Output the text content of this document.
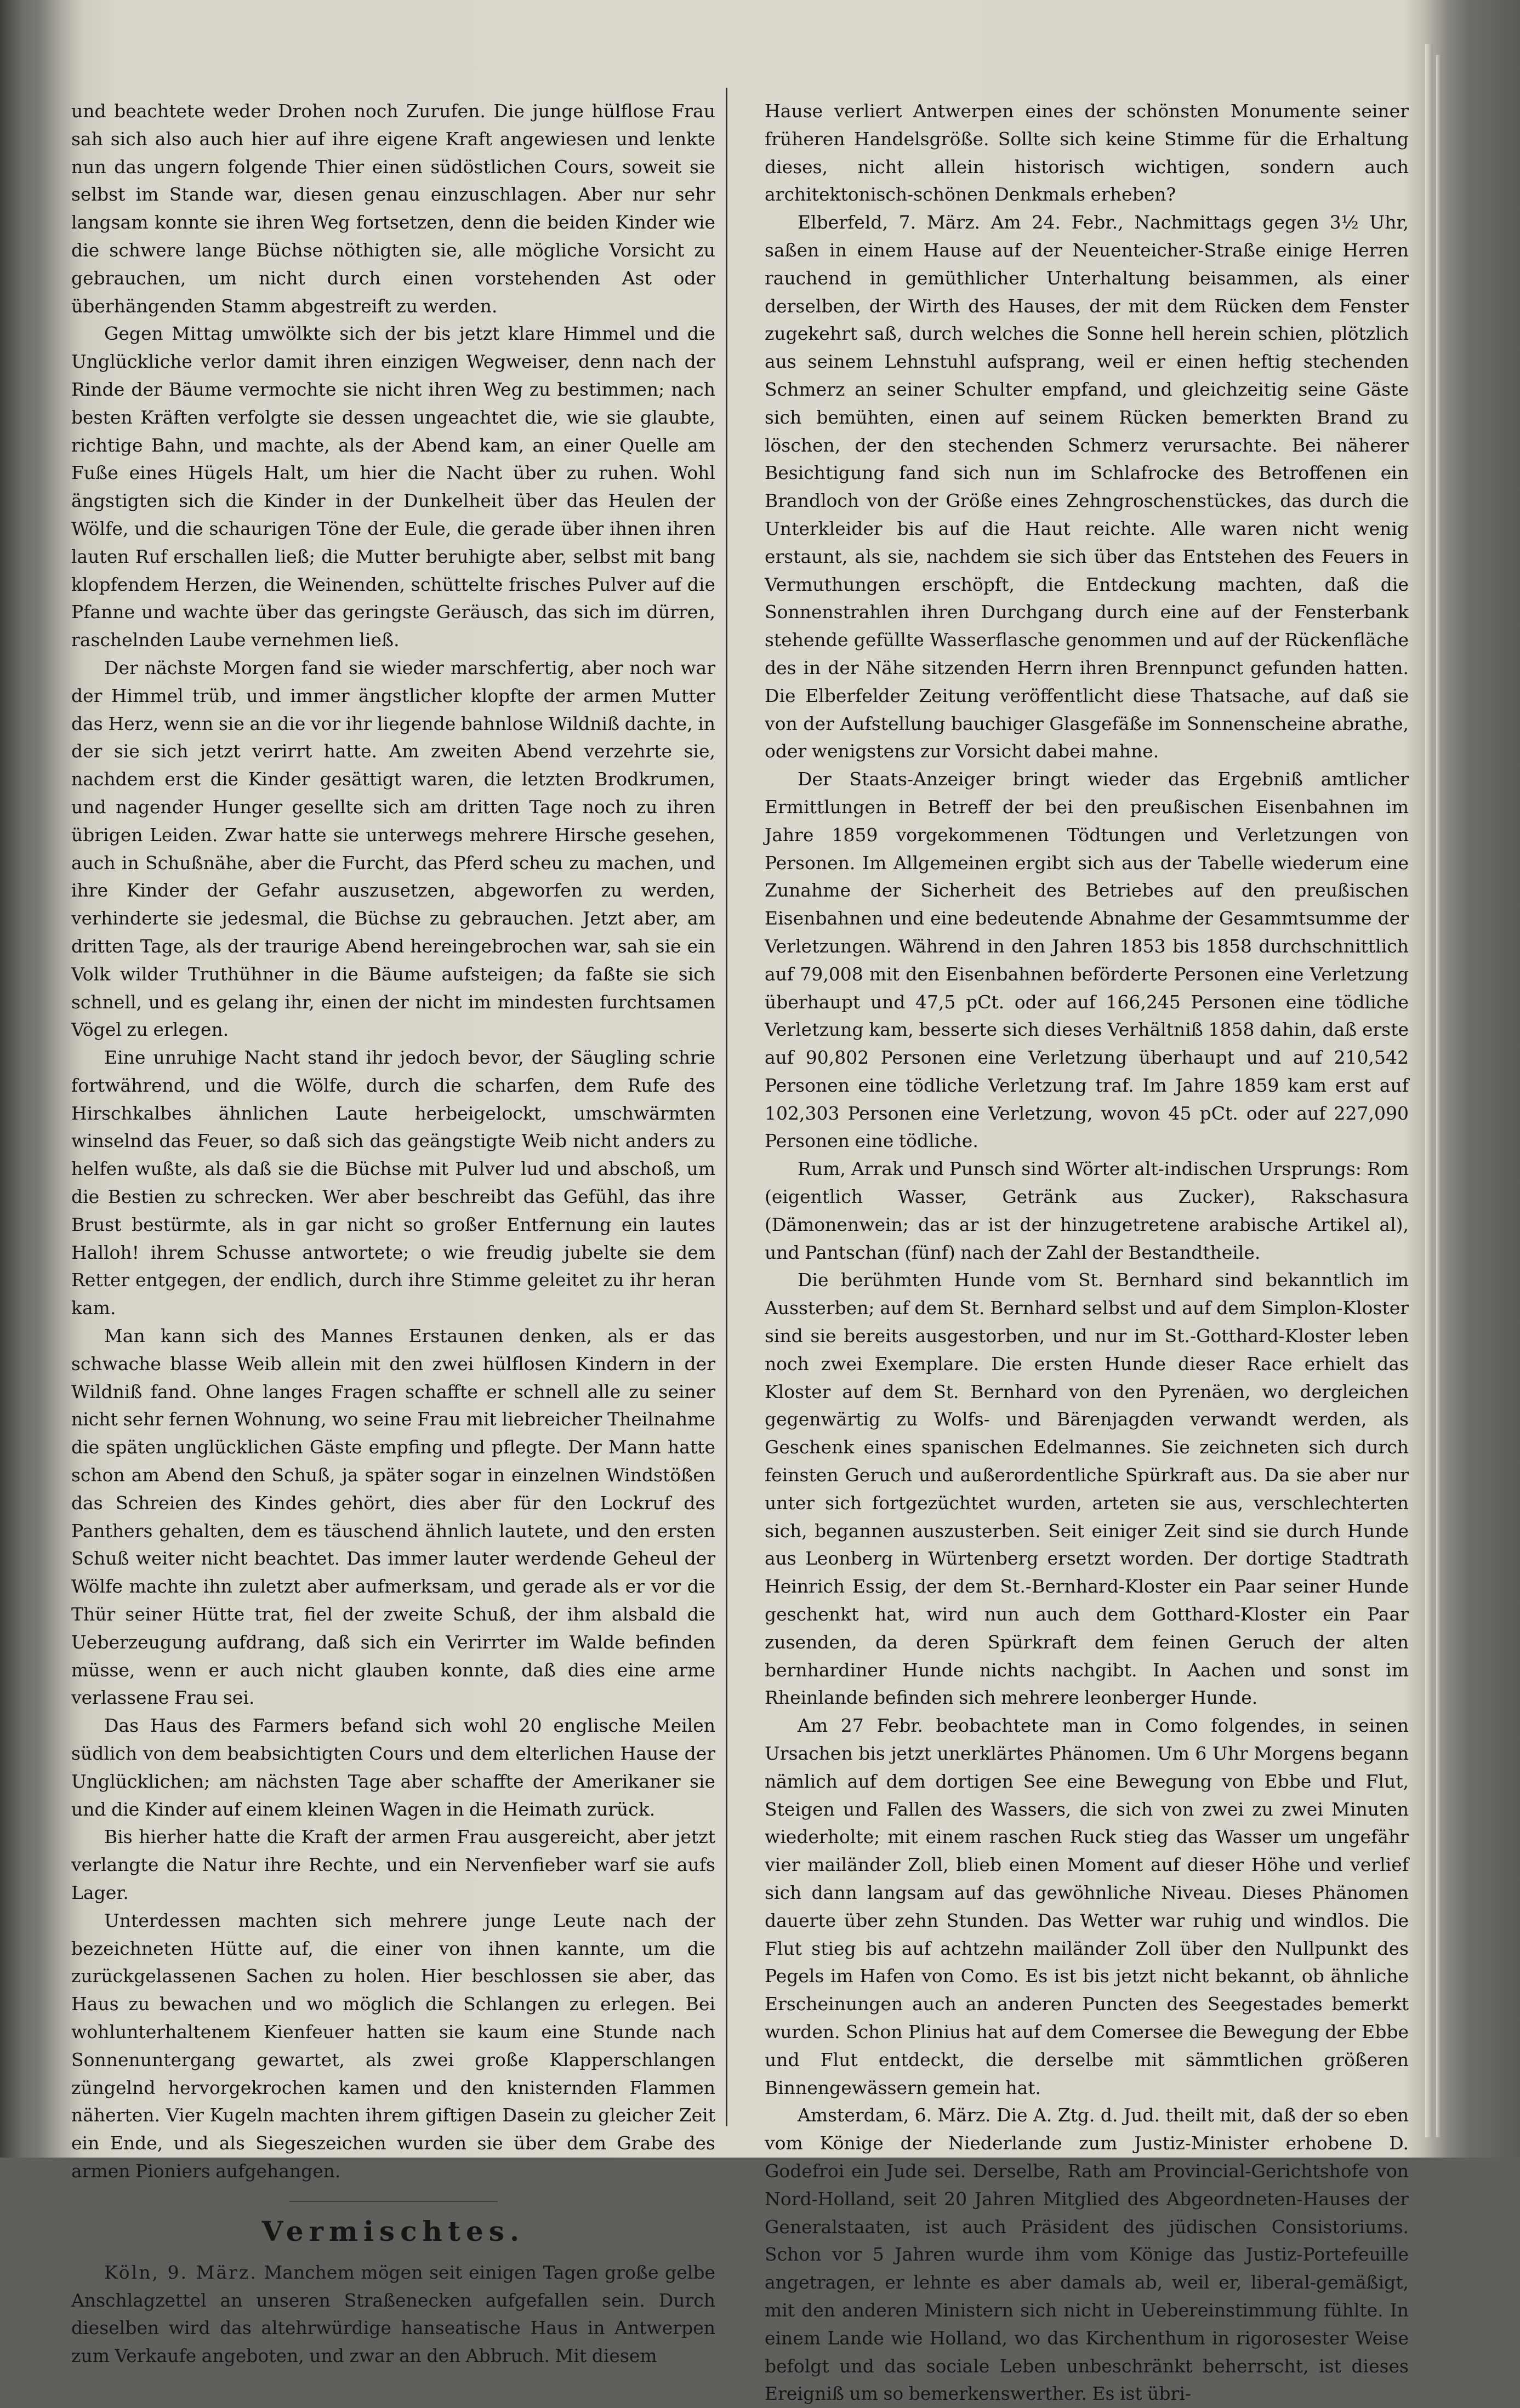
und beachtete weder Drohen noch Zurufen. Die junge hülflose Frau sah sich also auch hier auf ihre eigene Kraft angewiesen und lenkte nun das ungern folgende Thier einen südöstlichen Cours, soweit sie selbst im Stande war, diesen genau einzuschlagen. Aber nur sehr langsam konnte sie ihren Weg fortsetzen, denn die beiden Kinder wie die schwere lange Büchse nöthigten sie, alle mögliche Vorsicht zu gebrauchen, um nicht durch einen vorstehenden Ast oder überhängenden Stamm abgestreift zu werden.

Gegen Mittag umwölkte sich der bis jetzt klare Himmel und die Unglückliche verlor damit ihren einzigen Wegweiser, denn nach der Rinde der Bäume vermochte sie nicht ihren Weg zu bestimmen; nach besten Kräften verfolgte sie dessen ungeachtet die, wie sie glaubte, richtige Bahn, und machte, als der Abend kam, an einer Quelle am Fuße eines Hügels Halt, um hier die Nacht über zu ruhen. Wohl ängstigten sich die Kinder in der Dunkelheit über das Heulen der Wölfe, und die schaurigen Töne der Eule, die gerade über ihnen ihren lauten Ruf erschallen ließ; die Mutter beruhigte aber, selbst mit bang klopfendem Herzen, die Weinenden, schüttelte frisches Pulver auf die Pfanne und wachte über das geringste Geräusch, das sich im dürren, raschelnden Laube vernehmen ließ.

Der nächste Morgen fand sie wieder marschfertig, aber noch war der Himmel trüb, und immer ängstlicher klopfte der armen Mutter das Herz, wenn sie an die vor ihr liegende bahnlose Wildniß dachte, in der sie sich jetzt verirrt hatte. Am zweiten Abend verzehrte sie, nachdem erst die Kinder gesättigt waren, die letzten Brodkrumen, und nagender Hunger gesellte sich am dritten Tage noch zu ihren übrigen Leiden. Zwar hatte sie unterwegs mehrere Hirsche gesehen, auch in Schußnähe, aber die Furcht, das Pferd scheu zu machen, und ihre Kinder der Gefahr auszusetzen, abgeworfen zu werden, verhinderte sie jedesmal, die Büchse zu gebrauchen. Jetzt aber, am dritten Tage, als der traurige Abend hereingebrochen war, sah sie ein Volk wilder Truthühner in die Bäume aufsteigen; da faßte sie sich schnell, und es gelang ihr, einen der nicht im mindesten furchtsamen Vögel zu erlegen.

Eine unruhige Nacht stand ihr jedoch bevor, der Säugling schrie fortwährend, und die Wölfe, durch die scharfen, dem Rufe des Hirschkalbes ähnlichen Laute herbeigelockt, umschwärmten winselnd das Feuer, so daß sich das geängstigte Weib nicht anders zu helfen wußte, als daß sie die Büchse mit Pulver lud und abschoß, um die Bestien zu schrecken. Wer aber beschreibt das Gefühl, das ihre Brust bestürmte, als in gar nicht so großer Entfernung ein lautes Halloh! ihrem Schusse antwortete; o wie freudig jubelte sie dem Retter entgegen, der endlich, durch ihre Stimme geleitet zu ihr heran kam.

Man kann sich des Mannes Erstaunen denken, als er das schwache blasse Weib allein mit den zwei hülflosen Kindern in der Wildniß fand. Ohne langes Fragen schaffte er schnell alle zu seiner nicht sehr fernen Wohnung, wo seine Frau mit liebreicher Theilnahme die späten unglücklichen Gäste empfing und pflegte. Der Mann hatte schon am Abend den Schuß, ja später sogar in einzelnen Windstößen das Schreien des Kindes gehört, dies aber für den Lockruf des Panthers gehalten, dem es täuschend ähnlich lautete, und den ersten Schuß weiter nicht beachtet. Das immer lauter werdende Geheul der Wölfe machte ihn zuletzt aber aufmerksam, und gerade als er vor die Thür seiner Hütte trat, fiel der zweite Schuß, der ihm alsbald die Ueberzeugung aufdrang, daß sich ein Verirrter im Walde befinden müsse, wenn er auch nicht glauben konnte, daß dies eine arme verlassene Frau sei.

Das Haus des Farmers befand sich wohl 20 englische Meilen südlich von dem beabsichtigten Cours und dem elterlichen Hause der Unglücklichen; am nächsten Tage aber schaffte der Amerikaner sie und die Kinder auf einem kleinen Wagen in die Heimath zurück.

Bis hierher hatte die Kraft der armen Frau ausgereicht, aber jetzt verlangte die Natur ihre Rechte, und ein Nervenfieber warf sie aufs Lager.

Unterdessen machten sich mehrere junge Leute nach der bezeichneten Hütte auf, die einer von ihnen kannte, um die zurückgelassenen Sachen zu holen. Hier beschlossen sie aber, das Haus zu bewachen und wo möglich die Schlangen zu erlegen. Bei wohlunterhaltenem Kienfeuer hatten sie kaum eine Stunde nach Sonnenuntergang gewartet, als zwei große Klapperschlangen züngelnd hervorgekrochen kamen und den knisternden Flammen näherten. Vier Kugeln machten ihrem giftigen Dasein zu gleicher Zeit ein Ende, und als Siegeszeichen wurden sie über dem Grabe des armen Pioniers aufgehangen.

Vermischtes.

Köln, 9. März. Manchem mögen seit einigen Tagen große gelbe Anschlagzettel an unseren Straßenecken aufgefallen sein. Durch dieselben wird das altehrwürdige hanseatische Haus in Antwerpen zum Verkaufe angeboten, und zwar an den Abbruch. Mit diesem

Hause verliert Antwerpen eines der schönsten Monumente seiner früheren Handelsgröße. Sollte sich keine Stimme für die Erhaltung dieses, nicht allein historisch wichtigen, sondern auch architektonisch-schönen Denkmals erheben?

Elberfeld, 7. März. Am 24. Febr., Nachmittags gegen 3½ Uhr, saßen in einem Hause auf der Neuenteicher-Straße einige Herren rauchend in gemüthlicher Unterhaltung beisammen, als einer derselben, der Wirth des Hauses, der mit dem Rücken dem Fenster zugekehrt saß, durch welches die Sonne hell herein schien, plötzlich aus seinem Lehnstuhl aufsprang, weil er einen heftig stechenden Schmerz an seiner Schulter empfand, und gleichzeitig seine Gäste sich bemühten, einen auf seinem Rücken bemerkten Brand zu löschen, der den stechenden Schmerz verursachte. Bei näherer Besichtigung fand sich nun im Schlafrocke des Betroffenen ein Brandloch von der Größe eines Zehngroschenstückes, das durch die Unterkleider bis auf die Haut reichte. Alle waren nicht wenig erstaunt, als sie, nachdem sie sich über das Entstehen des Feuers in Vermuthungen erschöpft, die Entdeckung machten, daß die Sonnenstrahlen ihren Durchgang durch eine auf der Fensterbank stehende gefüllte Wasserflasche genommen und auf der Rückenfläche des in der Nähe sitzenden Herrn ihren Brennpunct gefunden hatten. Die Elberfelder Zeitung veröffentlicht diese Thatsache, auf daß sie von der Aufstellung bauchiger Glasgefäße im Sonnenscheine abrathe, oder wenigstens zur Vorsicht dabei mahne.

Der Staats-Anzeiger bringt wieder das Ergebniß amtlicher Ermittlungen in Betreff der bei den preußischen Eisenbahnen im Jahre 1859 vorgekommenen Tödtungen und Verletzungen von Personen. Im Allgemeinen ergibt sich aus der Tabelle wiederum eine Zunahme der Sicherheit des Betriebes auf den preußischen Eisenbahnen und eine bedeutende Abnahme der Gesammtsumme der Verletzungen. Während in den Jahren 1853 bis 1858 durchschnittlich auf 79,008 mit den Eisenbahnen beförderte Personen eine Verletzung überhaupt und 47,5 pCt. oder auf 166,245 Personen eine tödliche Verletzung kam, besserte sich dieses Verhältniß 1858 dahin, daß erste auf 90,802 Personen eine Verletzung überhaupt und auf 210,542 Personen eine tödliche Verletzung traf. Im Jahre 1859 kam erst auf 102,303 Personen eine Verletzung, wovon 45 pCt. oder auf 227,090 Personen eine tödliche.

Rum, Arrak und Punsch sind Wörter alt-indischen Ursprungs: Rom (eigentlich Wasser, Getränk aus Zucker), Rakschasura (Dämonenwein; das ar ist der hinzugetretene arabische Artikel al), und Pantschan (fünf) nach der Zahl der Bestandtheile.

Die berühmten Hunde vom St. Bernhard sind bekanntlich im Aussterben; auf dem St. Bernhard selbst und auf dem Simplon-Kloster sind sie bereits ausgestorben, und nur im St.-Gotthard-Kloster leben noch zwei Exemplare. Die ersten Hunde dieser Race erhielt das Kloster auf dem St. Bernhard von den Pyrenäen, wo dergleichen gegenwärtig zu Wolfs- und Bärenjagden verwandt werden, als Geschenk eines spanischen Edelmannes. Sie zeichneten sich durch feinsten Geruch und außerordentliche Spürkraft aus. Da sie aber nur unter sich fortgezüchtet wurden, arteten sie aus, verschlechterten sich, begannen auszusterben. Seit einiger Zeit sind sie durch Hunde aus Leonberg in Würtenberg ersetzt worden. Der dortige Stadtrath Heinrich Essig, der dem St.-Bernhard-Kloster ein Paar seiner Hunde geschenkt hat, wird nun auch dem Gotthard-Kloster ein Paar zusenden, da deren Spürkraft dem feinen Geruch der alten bernhardiner Hunde nichts nachgibt. In Aachen und sonst im Rheinlande befinden sich mehrere leonberger Hunde.

Am 27 Febr. beobachtete man in Como folgendes, in seinen Ursachen bis jetzt unerklärtes Phänomen. Um 6 Uhr Morgens begann nämlich auf dem dortigen See eine Bewegung von Ebbe und Flut, Steigen und Fallen des Wassers, die sich von zwei zu zwei Minuten wiederholte; mit einem raschen Ruck stieg das Wasser um ungefähr vier mailänder Zoll, blieb einen Moment auf dieser Höhe und verlief sich dann langsam auf das gewöhnliche Niveau. Dieses Phänomen dauerte über zehn Stunden. Das Wetter war ruhig und windlos. Die Flut stieg bis auf achtzehn mailänder Zoll über den Nullpunkt des Pegels im Hafen von Como. Es ist bis jetzt nicht bekannt, ob ähnliche Erscheinungen auch an anderen Puncten des Seegestades bemerkt wurden. Schon Plinius hat auf dem Comersee die Bewegung der Ebbe und Flut entdeckt, die derselbe mit sämmtlichen größeren Binnengewässern gemein hat.

Amsterdam, 6. März. Die A. Ztg. d. Jud. theilt mit, daß der so eben vom Könige der Niederlande zum Justiz-Minister erhobene D. Godefroi ein Jude sei. Derselbe, Rath am Provincial-Gerichtshofe von Nord-Holland, seit 20 Jahren Mitglied des Abgeordneten-Hauses der Generalstaaten, ist auch Präsident des jüdischen Consistoriums. Schon vor 5 Jahren wurde ihm vom Könige das Justiz-Portefeuille angetragen, er lehnte es aber damals ab, weil er, liberal-gemäßigt, mit den anderen Ministern sich nicht in Uebereinstimmung fühlte. In einem Lande wie Holland, wo das Kirchenthum in rigorosester Weise befolgt und das sociale Leben unbeschränkt beherrscht, ist dieses Ereigniß um so bemerkenswerther. Es ist übri-
